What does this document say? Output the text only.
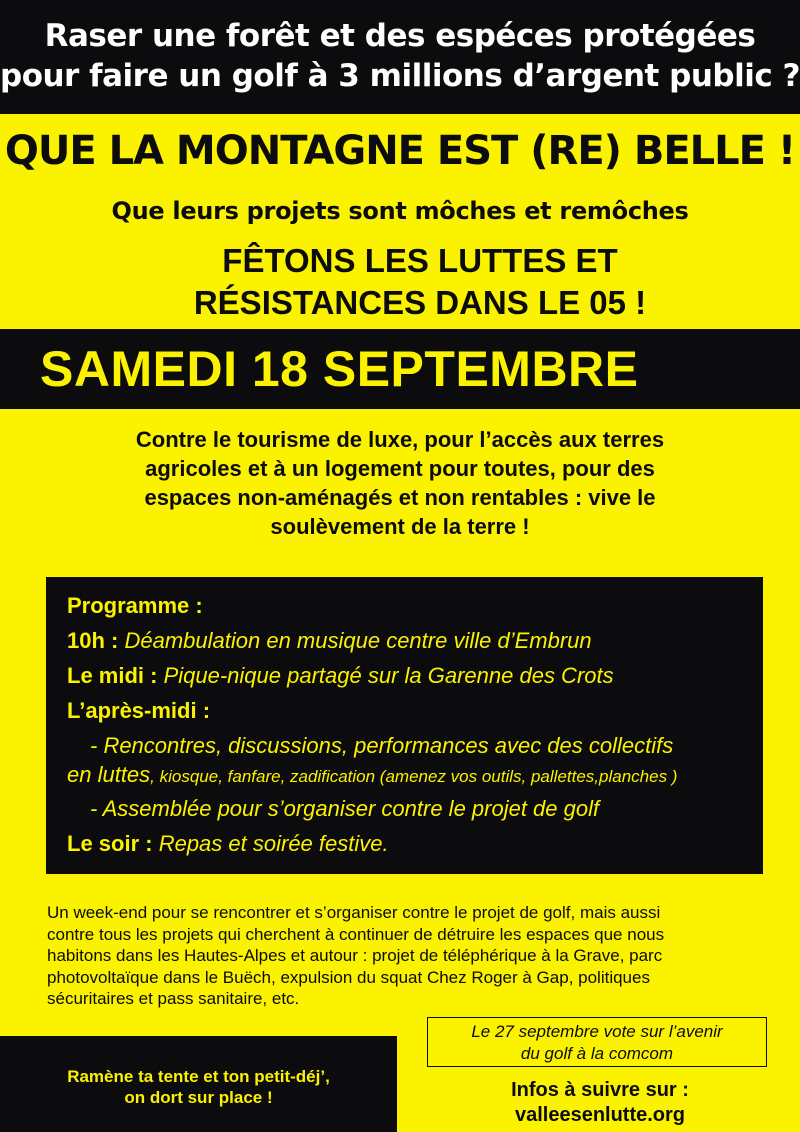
Raser une forêt et des espéces protégées
pour faire un golf à 3 millions d’argent public ?
QUE LA MONTAGNE EST (RE) BELLE !
Que leurs projets sont môches et remôches
FÊTONS LES LUTTES ET
RÉSISTANCES DANS LE 05 !
SAMEDI 18 SEPTEMBRE
Contre le tourisme de luxe, pour l’accès aux terres
agricoles et à un logement pour toutes, pour des
espaces non-aménagés et non rentables : vive le
soulèvement de la terre !
Programme :
10h : Déambulation en musique centre ville d’Embrun
Le midi : Pique-nique partagé sur la Garenne des Crots
L’après-midi :
- Rencontres, discussions, performances avec des collectifs
en luttes, kiosque, fanfare, zadification (amenez vos outils, pallettes,planches )
- Assemblée pour s’organiser contre le projet de golf
Le soir : Repas et soirée festive.
Un week-end pour se rencontrer et s’organiser contre le projet de golf, mais aussi
contre tous les projets qui cherchent à continuer de détruire les espaces que nous
habitons dans les Hautes-Alpes et autour : projet de téléphérique à la Grave, parc
photovoltaïque dans le Buëch, expulsion du squat Chez Roger à Gap, politiques
sécuritaires et pass sanitaire, etc.
Le 27 septembre vote sur l’avenir
du golf à la comcom
Ramène ta tente et ton petit-déj’,
on dort sur place !	Infos à suivre sur :
valleesenlutte.org
